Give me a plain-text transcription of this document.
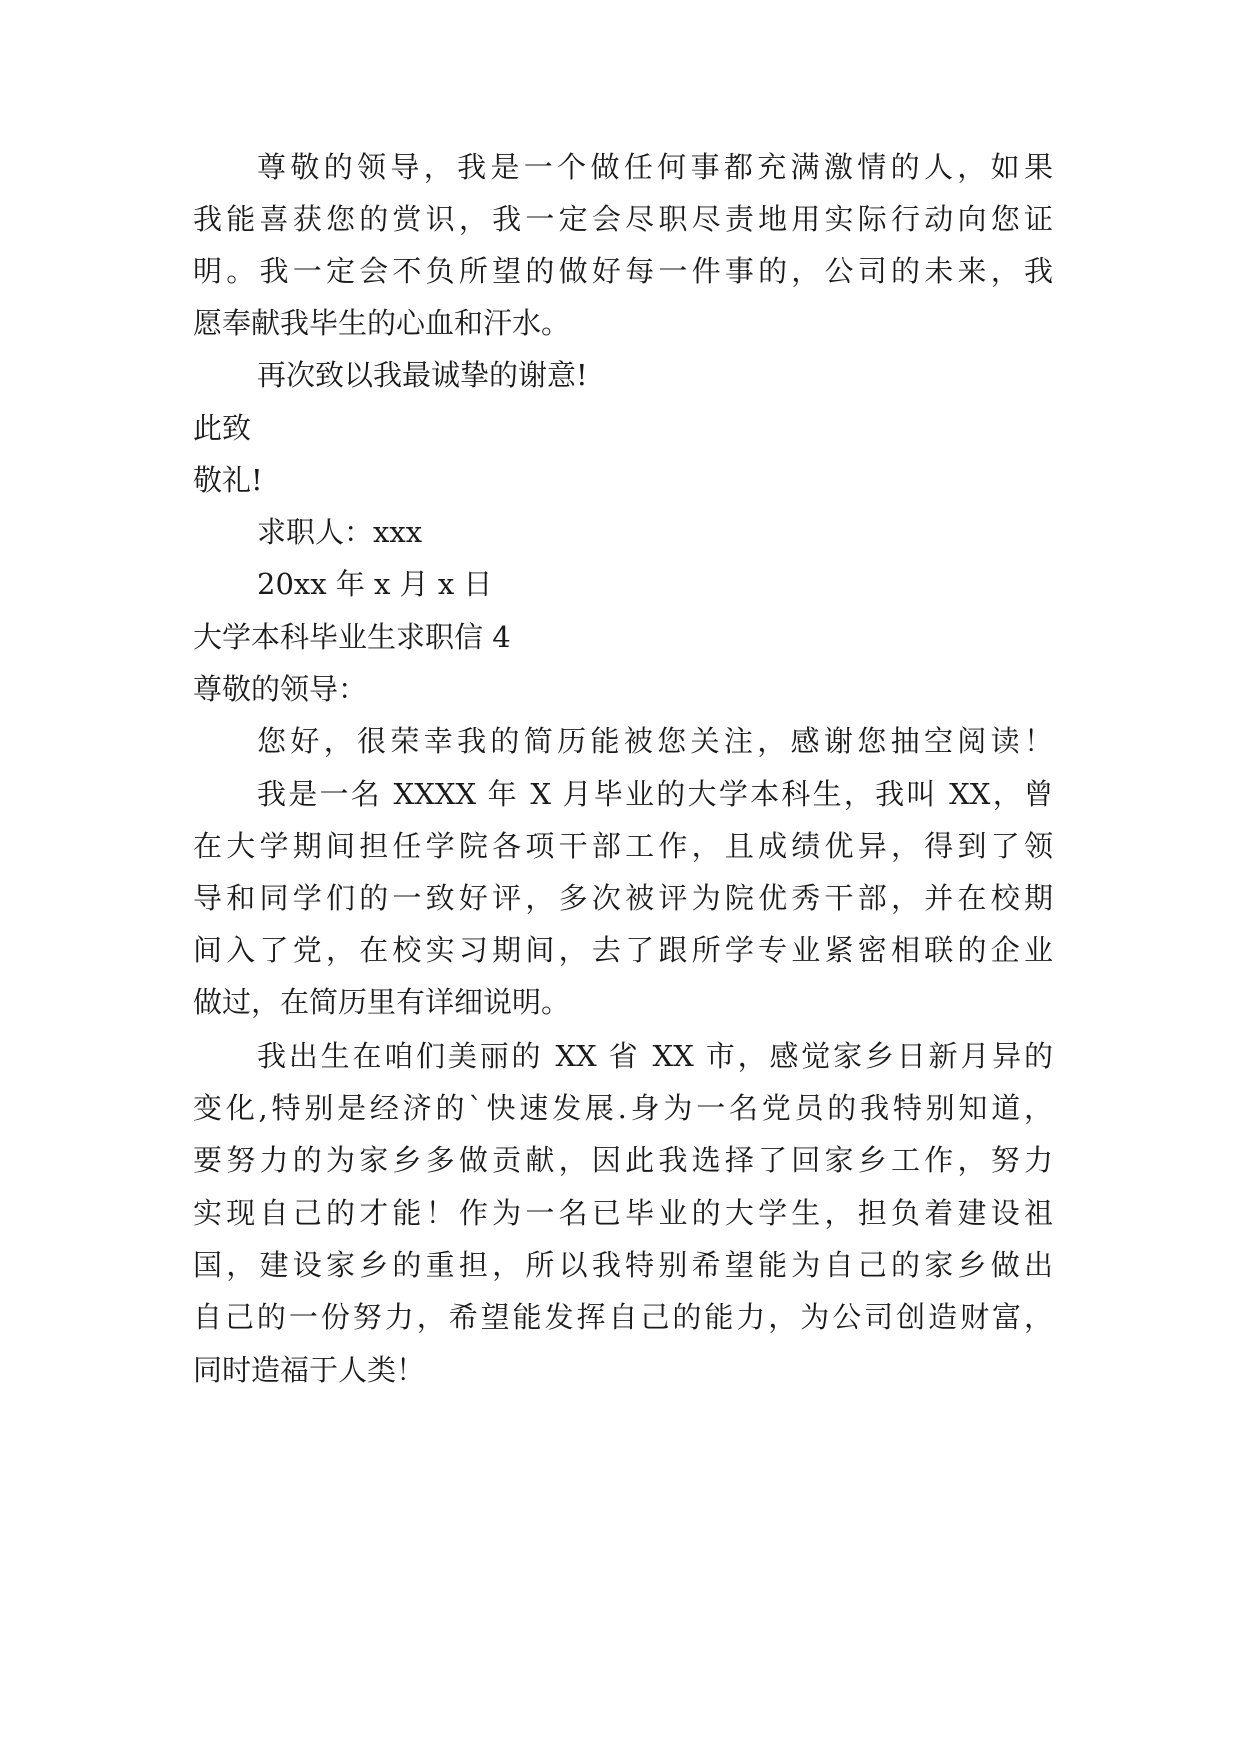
尊敬的领导，我是一个做任何事都充满激情的人，如果
我能喜获您的赏识，我一定会尽职尽责地用实际行动向您证
明。我一定会不负所望的做好每一件事的，公司的未来，我
愿奉献我毕生的心血和汗水。
再次致以我最诚挚的谢意!
此致
敬礼!
求职人：xxx
20xx 年 x 月 x 日
大学本科毕业生求职信 4
尊敬的领导：
您好，很荣幸我的简历能被您关注，感谢您抽空阅读！
我是一名 XXXX 年 X 月毕业的大学本科生，我叫 XX，曾
在大学期间担任学院各项干部工作，且成绩优异，得到了领
导和同学们的一致好评，多次被评为院优秀干部，并在校期
间入了党，在校实习期间，去了跟所学专业紧密相联的企业
做过，在简历里有详细说明。
我出生在咱们美丽的 XX 省 XX 市，感觉家乡日新月异的
变化,特别是经济的`快速发展.身为一名党员的我特别知道，
要努力的为家乡多做贡献，因此我选择了回家乡工作，努力
实现自己的才能！作为一名已毕业的大学生，担负着建设祖
国，建设家乡的重担，所以我特别希望能为自己的家乡做出
自己的一份努力，希望能发挥自己的能力，为公司创造财富，
同时造福于人类！
